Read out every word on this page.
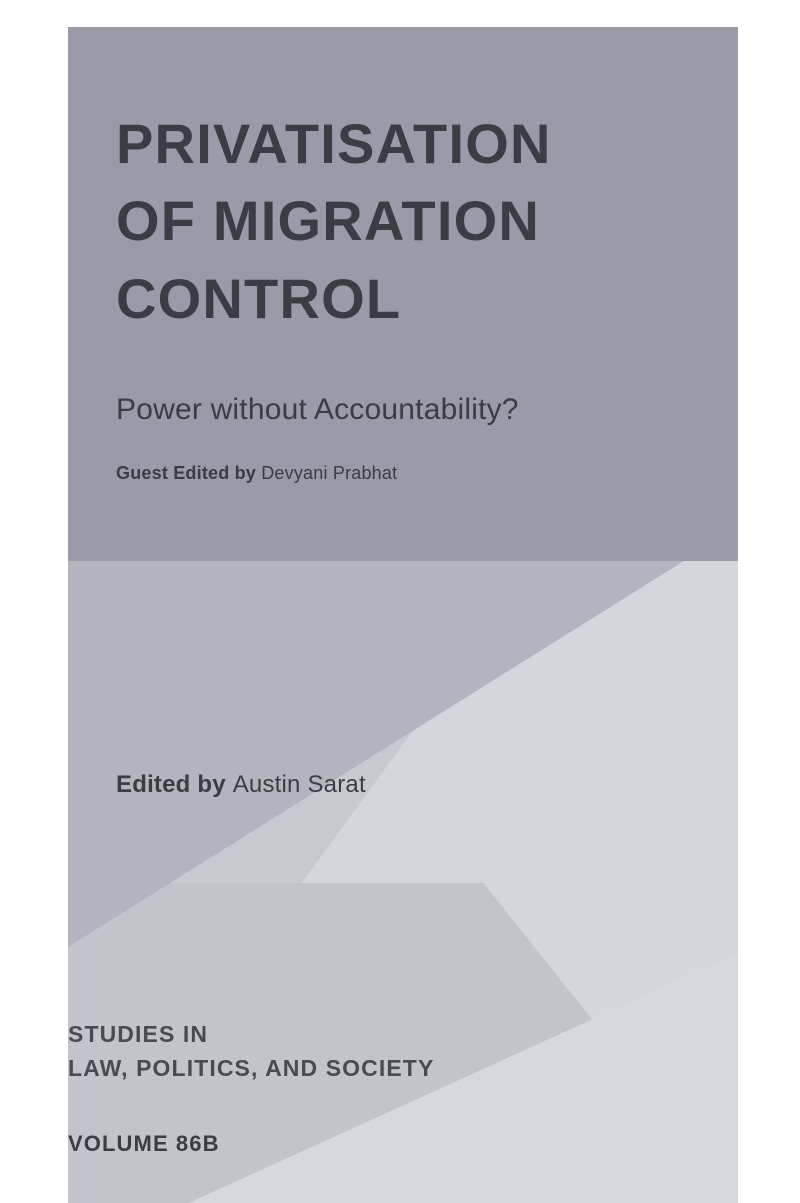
PRIVATISATION
OF MIGRATION
CONTROL
Power without Accountability?
Guest Edited by Devyani Prabhat
Edited by Austin Sarat
STUDIES IN
LAW, POLITICS, AND SOCIETY
VOLUME 86B
